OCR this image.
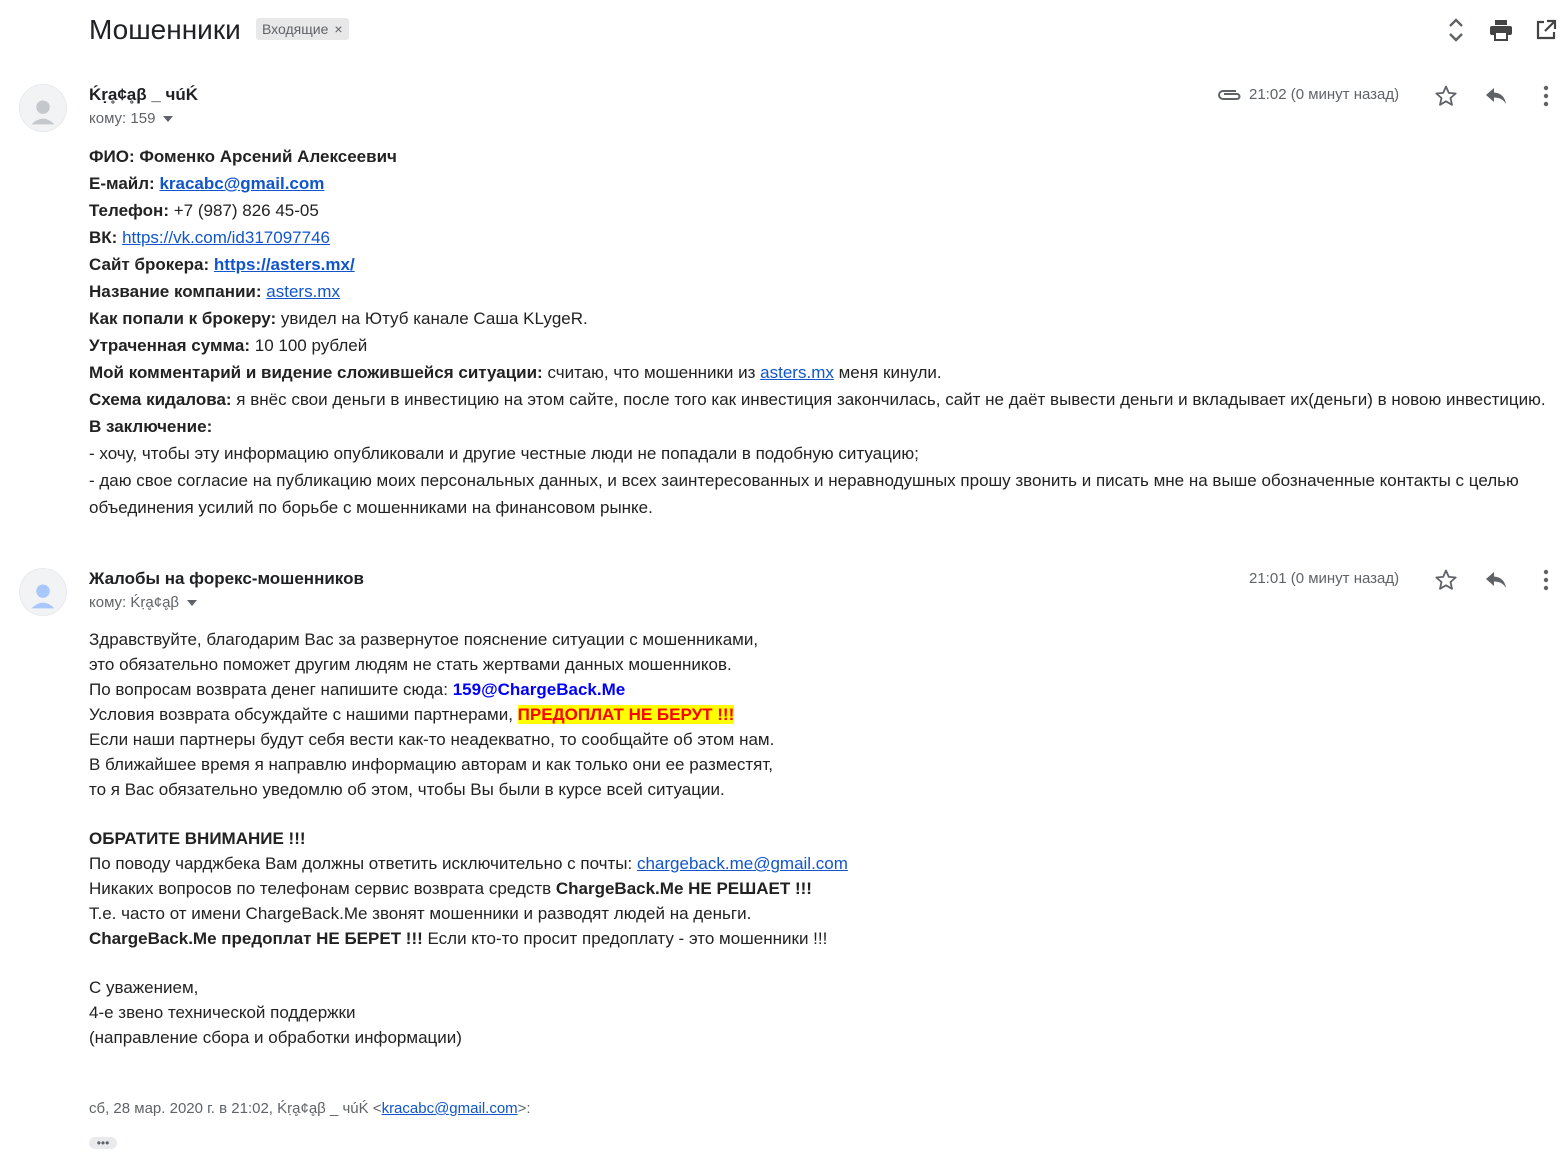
Мошенники Входящие ×
Ḱṛḁ¢ḁβ _ чúḰ
кому: 159
21:02 (0 минут назад)

ФИО: Фоменко Арсений Алексеевич

Е-майл: kracabc@gmail.com

Телефон: +7 (987) 826 45-05

ВК: https://vk.com/id317097746

Сайт брокера: https://asters.mx/

Название компании: asters.mx

Как попали к брокеру: увидел на Ютуб канале Саша KLygeR.

Утраченная сумма: 10 100 рублей

Мой комментарий и видение сложившейся ситуации: считаю, что мошенники из asters.mx меня кинули.

Схема кидалова: я внёс свои деньги в инвестицию на этом сайте, после того как инвестиция закончилась, сайт не даёт вывести деньги и вкладывает их(деньги) в новою инвестицию.

В заключение:

- хочу, чтобы эту информацию опубликовали и другие честные люди не попадали в подобную ситуацию;

- даю свое согласие на публикацию моих персональных данных, и всех заинтересованных и неравнодушных прошу звонить и писать мне на выше обозначенные контакты с целью объединения усилий по борьбе с мошенниками на финансовом рынке.

Жалобы на форекс-мошенников
кому: Ḱṛḁ¢ḁβ
21:01 (0 минут назад)

Здравствуйте, благодарим Вас за развернутое пояснение ситуации с мошенниками,

это обязательно поможет другим людям не стать жертвами данных мошенников.

По вопросам возврата денег напишите сюда: 159@ChargeBack.Me

Условия возврата обсуждайте с нашими партнерами, ПРЕДОПЛАТ НЕ БЕРУТ !!!

Если наши партнеры будут себя вести как-то неадекватно, то сообщайте об этом нам.

В ближайшее время я направлю информацию авторам и как только они ее разместят,

то я Вас обязательно уведомлю об этом, чтобы Вы были в курсе всей ситуации.

ОБРАТИТЕ ВНИМАНИЕ !!!

По поводу чарджбека Вам должны ответить исключительно с почты: chargeback.me@gmail.com

Никаких вопросов по телефонам сервис возврата средств ChargeBack.Me НЕ РЕШАЕТ !!!

Т.е. часто от имени ChargeBack.Me звонят мошенники и разводят людей на деньги.

ChargeBack.Me предоплат НЕ БЕРЕТ !!! Если кто-то просит предоплату - это мошенники !!!

С уважением,

4-е звено технической поддержки

(направление сбора и обработки информации)

сб, 28 мар. 2020 г. в 21:02, Ḱṛḁ¢ḁβ _ чúḰ <kracabc@gmail.com>:
•••
